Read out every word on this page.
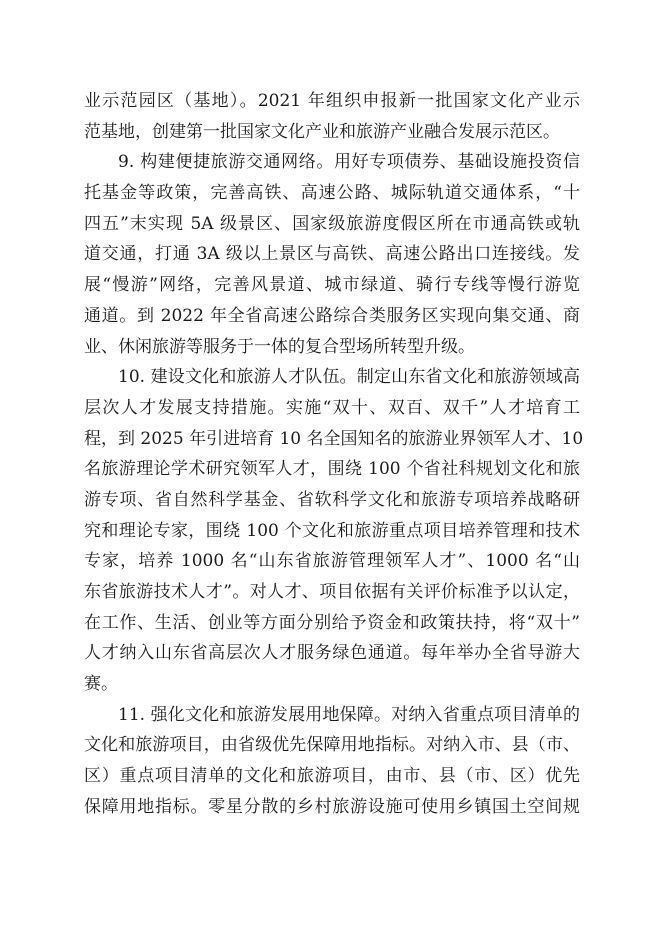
业示范园区（基地）。2021 年组织申报新一批国家文化产业示
范基地，创建第一批国家文化产业和旅游产业融合发展示范区。
9. 构建便捷旅游交通网络。用好专项债券、基础设施投资信
托基金等政策，完善高铁、高速公路、城际轨道交通体系，“十
四五”末实现 5A 级景区、国家级旅游度假区所在市通高铁或轨
道交通，打通 3A 级以上景区与高铁、高速公路出口连接线。发
展“慢游”网络，完善风景道、城市绿道、骑行专线等慢行游览
通道。到 2022 年全省高速公路综合类服务区实现向集交通、商
业、休闲旅游等服务于一体的复合型场所转型升级。
10. 建设文化和旅游人才队伍。制定山东省文化和旅游领域高
层次人才发展支持措施。实施“双十、双百、双千”人才培育工
程，到 2025 年引进培育 10 名全国知名的旅游业界领军人才、10
名旅游理论学术研究领军人才，围绕 100 个省社科规划文化和旅
游专项、省自然科学基金、省软科学文化和旅游专项培养战略研
究和理论专家，围绕 100 个文化和旅游重点项目培养管理和技术
专家，培养 1000 名“山东省旅游管理领军人才”、1000 名“山
东省旅游技术人才”。对人才、项目依据有关评价标准予以认定，
在工作、生活、创业等方面分别给予资金和政策扶持，将“双十”
人才纳入山东省高层次人才服务绿色通道。每年举办全省导游大
赛。
11. 强化文化和旅游发展用地保障。对纳入省重点项目清单的
文化和旅游项目，由省级优先保障用地指标。对纳入市、县（市、
区）重点项目清单的文化和旅游项目，由市、县（市、区）优先
保障用地指标。零星分散的乡村旅游设施可使用乡镇国土空间规
